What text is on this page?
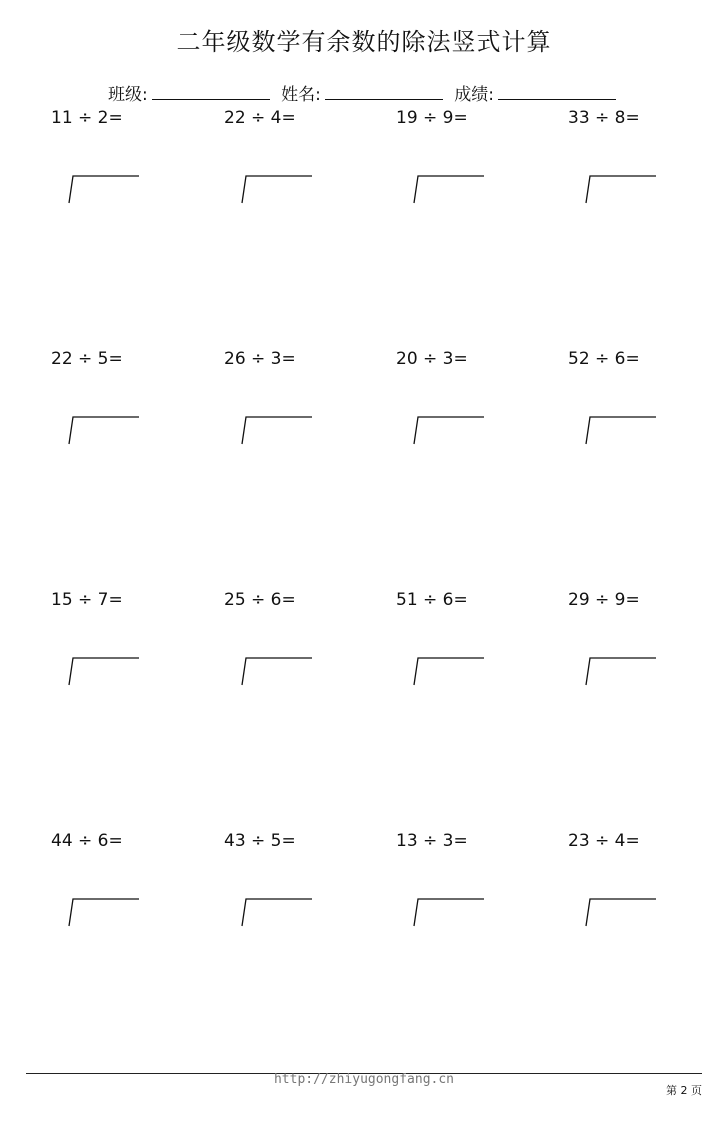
二年级数学有余数的除法竖式计算
班级:	姓名:	成绩:
11 ÷ 2=	22 ÷ 4=	19 ÷ 9=	33 ÷ 8=
22 ÷ 5=	26 ÷ 3=	20 ÷ 3=	52 ÷ 6=
15 ÷ 7=	25 ÷ 6=	51 ÷ 6=	29 ÷ 9=
44 ÷ 6=	43 ÷ 5=	13 ÷ 3=	23 ÷ 4=
http://zhiyugongfang.cn
第 2 页
